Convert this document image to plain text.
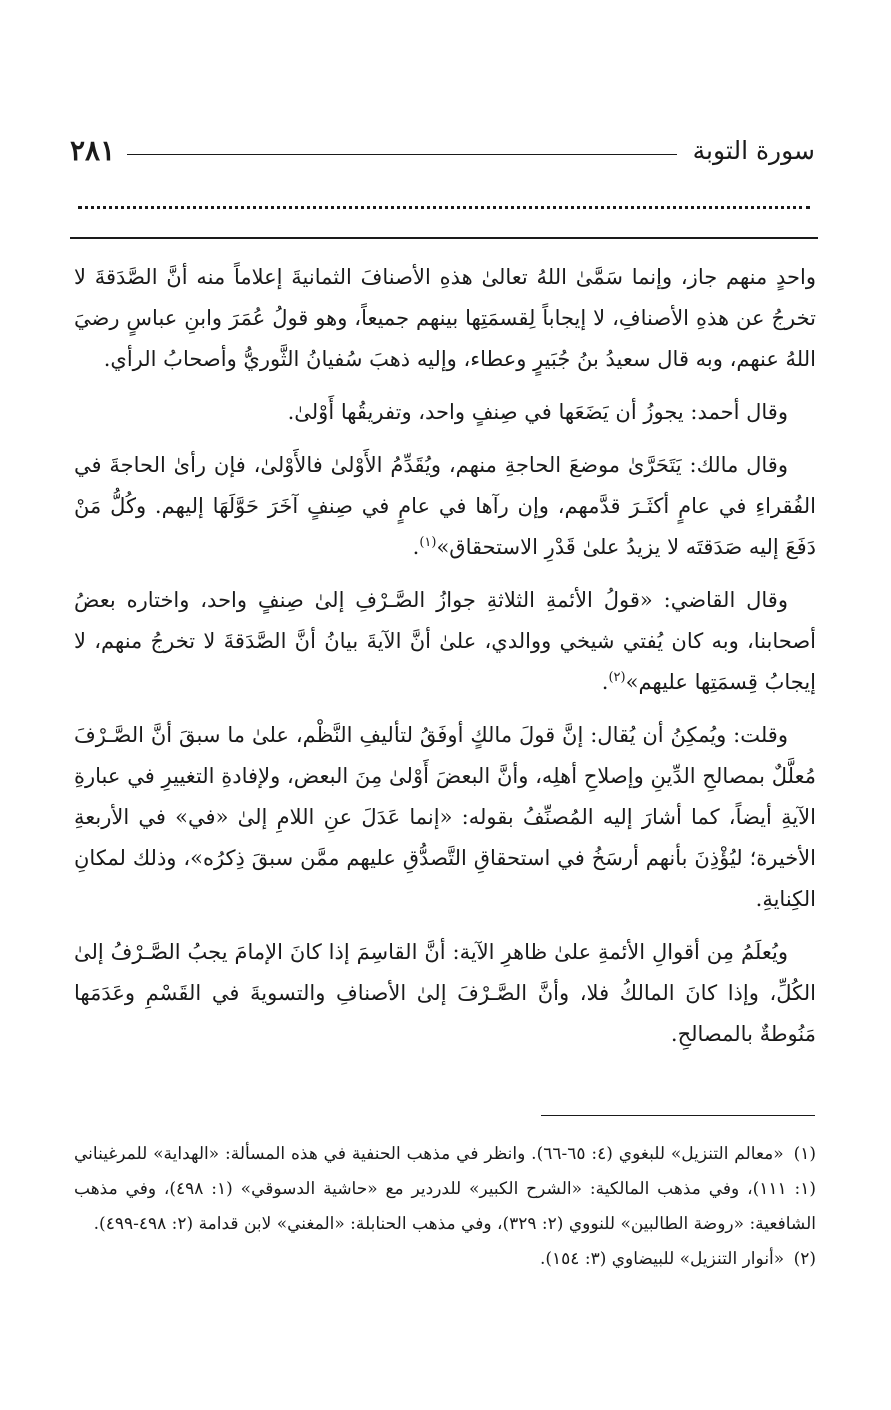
سورة التوبة
٢٨١

واحدٍ منهم جاز، وإنما سَمَّىٰ اللهُ تعالىٰ هذهِ الأصنافَ الثمانيةَ إعلاماً منه أنَّ الصَّدَقةَ لا تخرجُ عن هذهِ الأصنافِ، لا إيجاباً لِقسمَتِها بينهم جميعاً، وهو قولُ عُمَرَ وابنِ عباسٍ رضيَ اللهُ عنهم، وبه قال سعيدُ بنُ جُبَيرٍ وعطاء، وإليه ذهبَ سُفيانُ الثَّوريُّ وأصحابُ الرأي.

وقال أحمد: يجوزُ أن يَضَعَها في صِنفٍ واحد، وتفريقُها أَوْلىٰ.

وقال مالك: يَتَحَرَّىٰ موضعَ الحاجةِ منهم، ويُقَدِّمُ الأَوْلىٰ فالأَوْلىٰ، فإن رأىٰ الحاجةَ في الفُقراءِ في عامٍ أكثَـرَ قدَّمهم، وإن رآها في عامٍ في صِنفٍ آخَرَ حَوَّلَهَا إليهم. وكُلُّ مَنْ دَفَعَ إليه صَدَقتَه لا يزيدُ علىٰ قَدْرِ الاستحقاق»$^{(١)}$.

وقال القاضي: «قولُ الأئمةِ الثلاثةِ جوازُ الصَّـرْفِ إلىٰ صِنفٍ واحد، واختاره بعضُ أصحابنا، وبه كان يُفتي شيخي ووالدي، علىٰ أنَّ الآيةَ بيانُ أنَّ الصَّدَقةَ لا تخرجُ منهم، لا إيجابُ قِسمَتِها عليهم»$^{(٢)}$.

وقلت: ويُمكِنُ أن يُقال: إنَّ قولَ مالكٍ أوفَقُ لتأليفِ النَّظْم، علىٰ ما سبقَ أنَّ الصَّـرْفَ مُعلَّلٌ بمصالحِ الدِّينِ وإصلاحِ أهلِه، وأنَّ البعضَ أَوْلىٰ مِنَ البعض، ولإفادةِ التغييرِ في عبارةِ الآيةِ أيضاً، كما أشارَ إليه المُصنِّفُ بقوله: «إنما عَدَلَ عنِ اللامِ إلىٰ «في» في الأربعةِ الأخيرة؛ ليُؤْذِنَ بأنهم أرسَخُ في استحقاقِ التَّصدُّقِ عليهم ممَّن سبقَ ذِكرُه»، وذلك لمكانِ الكِنايةِ.

ويُعلَمُ مِن أقوالِ الأئمةِ علىٰ ظاهرِ الآية: أنَّ القاسِمَ إذا كانَ الإمامَ يجبُ الصَّـرْفُ إلىٰ الكُلِّ، وإذا كانَ المالكُ فلا، وأنَّ الصَّـرْفَ إلىٰ الأصنافِ والتسويةَ في القَسْمِ وعَدَمَها مَنُوطةٌ بالمصالحِ.

(١) «معالم التنزيل» للبغوي (٤: ٦٥-٦٦). وانظر في مذهب الحنفية في هذه المسألة: «الهداية» للمرغيناني (١: ١١١)، وفي مذهب المالكية: «الشرح الكبير» للدردير مع «حاشية الدسوقي» (١: ٤٩٨)، وفي مذهب الشافعية: «روضة الطالبين» للنووي (٢: ٣٢٩)، وفي مذهب الحنابلة: «المغني» لابن قدامة (٢: ٤٩٨-٤٩٩).

(٢) «أنوار التنزيل» للبيضاوي (٣: ١٥٤).
